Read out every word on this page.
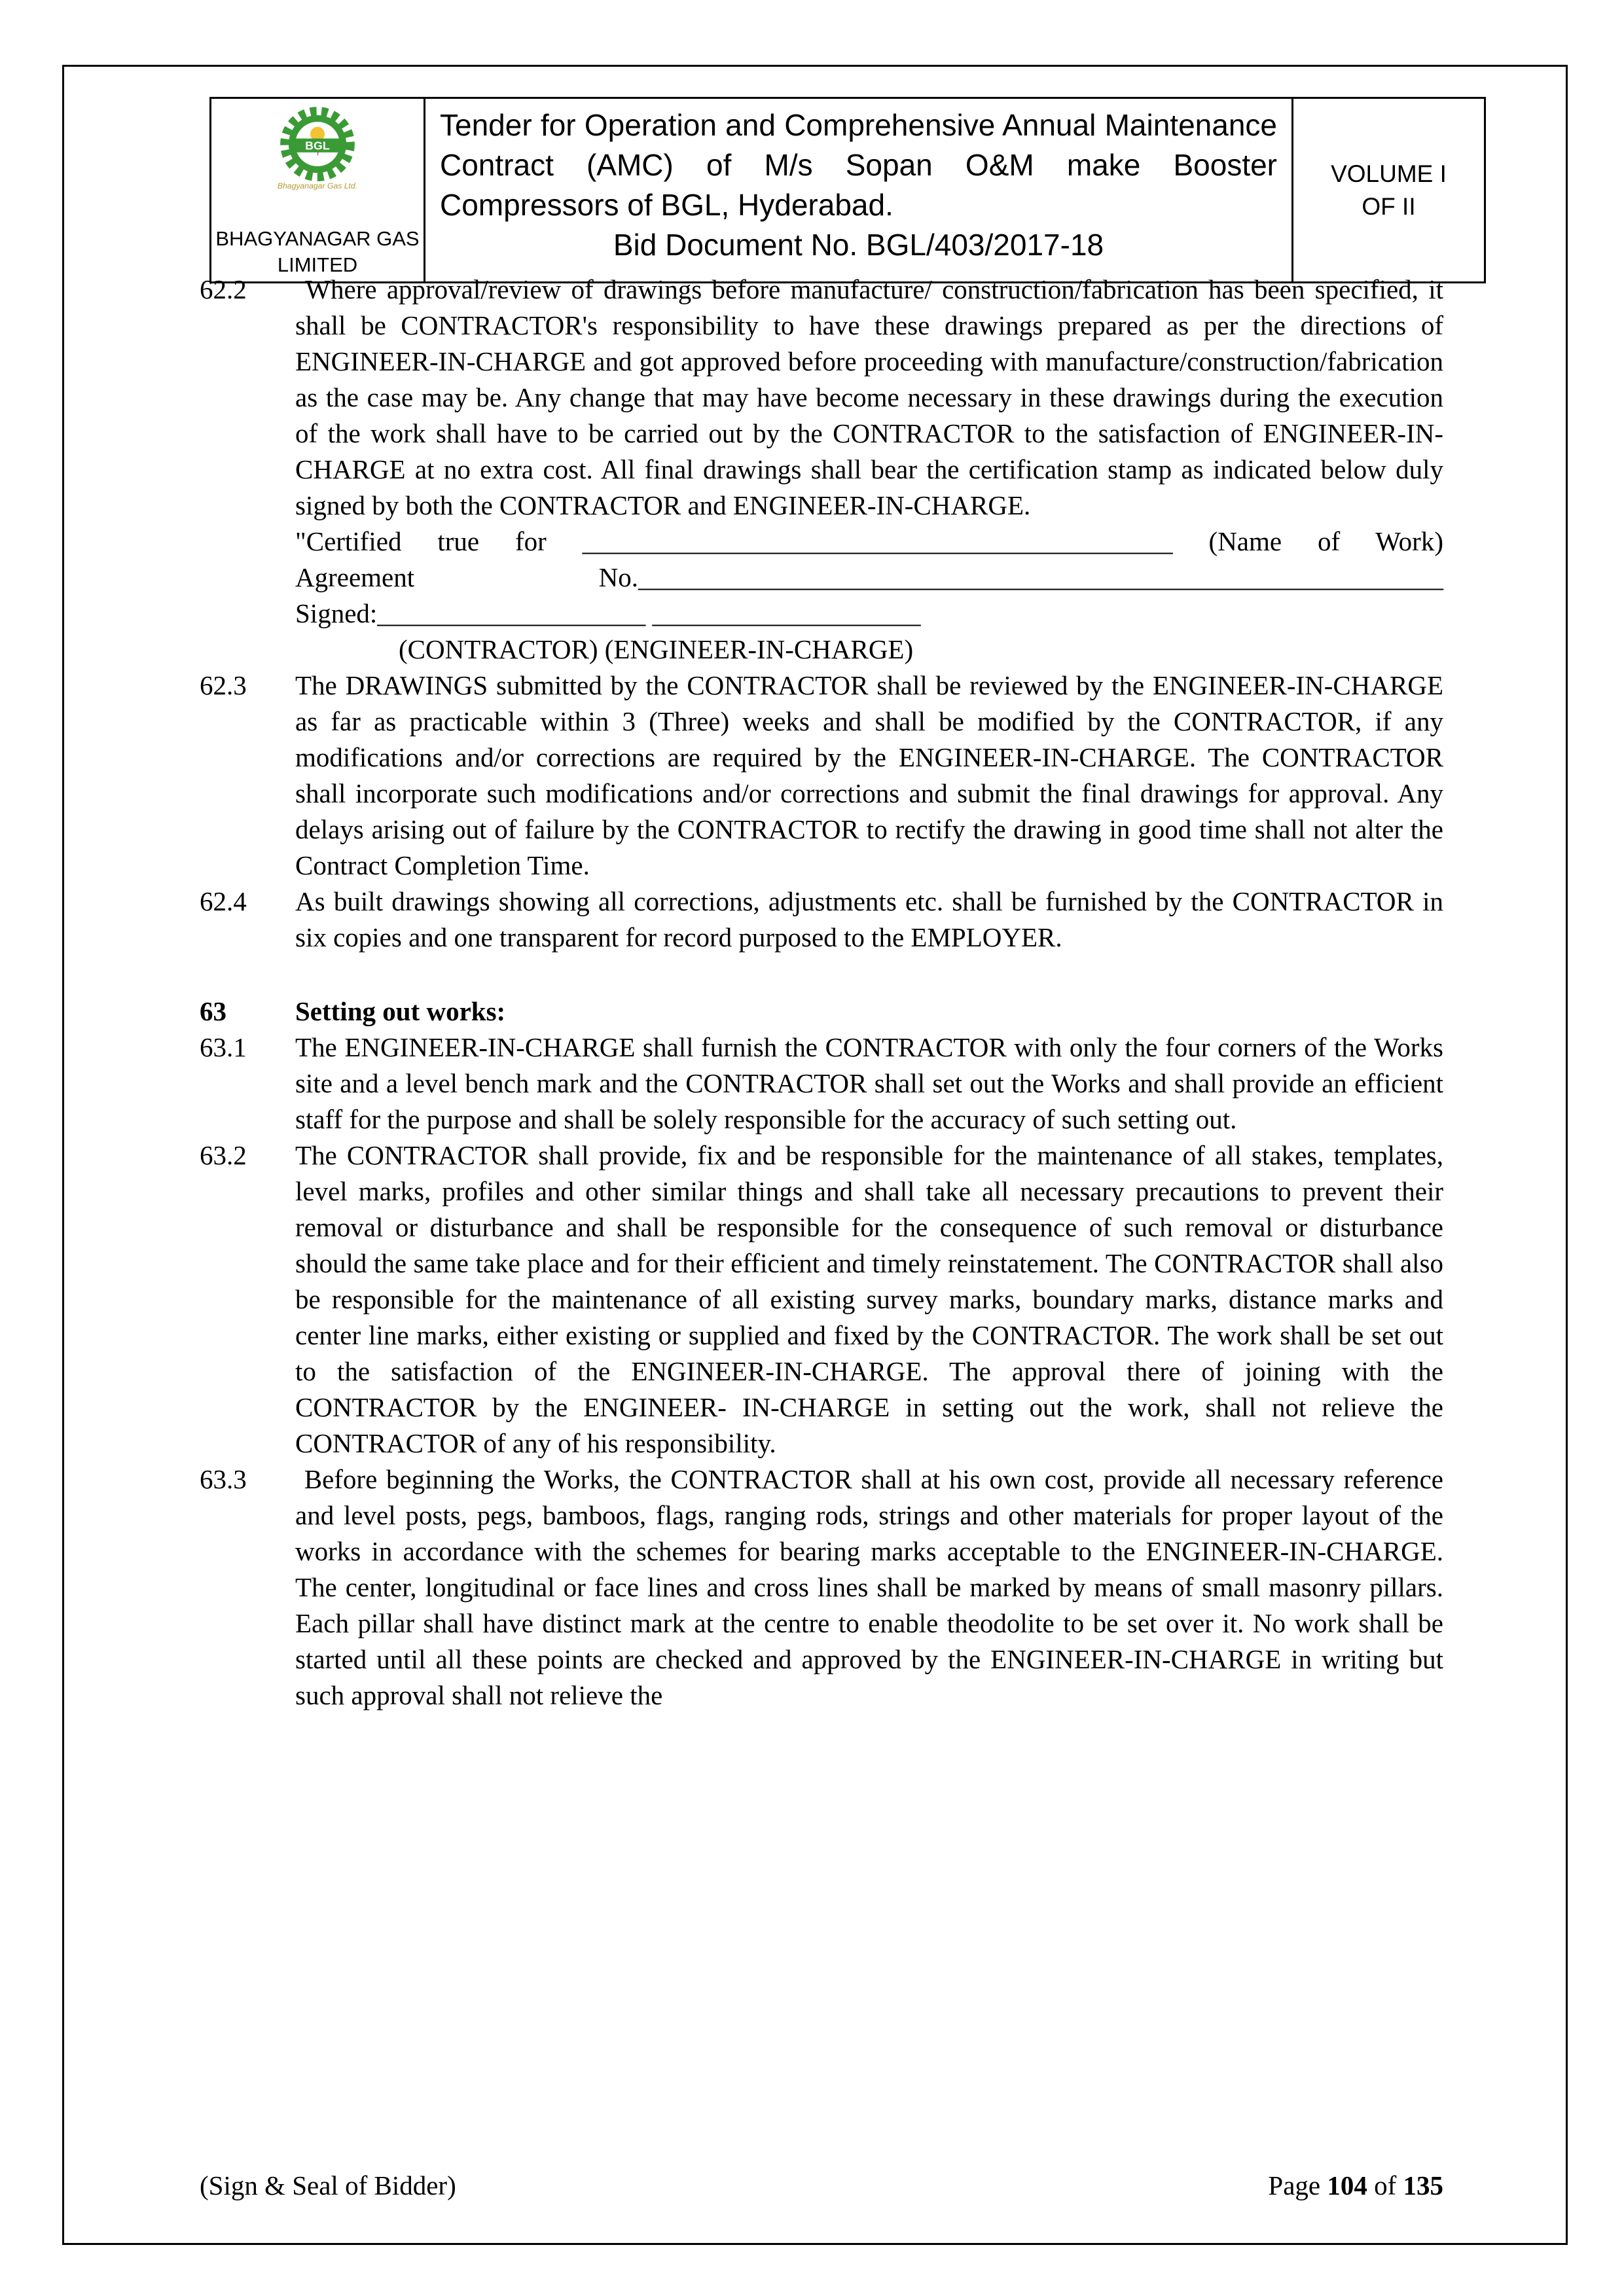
BGL
Bhagyanagar Gas Ltd.
BHAGYANAGAR GAS
LIMITED
Tender for Operation and Comprehensive Annual Maintenance Contract (AMC) of M/s Sopan O&M make Booster Compressors of BGL, Hyderabad.
Bid Document No. BGL/403/2017-18
VOLUME I
OF II
62.2	Where approval/review of drawings before manufacture/ construction/fabrication has been specified, it shall be CONTRACTOR's responsibility to have these drawings prepared as per the directions of ENGINEER-IN-CHARGE and got approved before proceeding with manufacture/construction/fabrication as the case may be. Any change that may have become necessary in these drawings during the execution of the work shall have to be carried out by the CONTRACTOR to the satisfaction of ENGINEER-IN-CHARGE at no extra cost. All final drawings shall bear the certification stamp as indicated below duly signed by both the CONTRACTOR and ENGINEER-IN-CHARGE.
"Certified true for ____________________________________________ (Name of Work)
Agreement No.____________________________________________________________
Signed:____________________ ____________________
(CONTRACTOR) (ENGINEER-IN-CHARGE)
62.3	The DRAWINGS submitted by the CONTRACTOR shall be reviewed by the ENGINEER-IN-CHARGE as far as practicable within 3 (Three) weeks and shall be modified by the CONTRACTOR, if any modifications and/or corrections are required by the ENGINEER-IN-CHARGE. The CONTRACTOR shall incorporate such modifications and/or corrections and submit the final drawings for approval. Any delays arising out of failure by the CONTRACTOR to rectify the drawing in good time shall not alter the Contract Completion Time.
62.4	As built drawings showing all corrections, adjustments etc. shall be furnished by the CONTRACTOR in six copies and one transparent for record purposed to the EMPLOYER.
63	Setting out works:
63.1	The ENGINEER-IN-CHARGE shall furnish the CONTRACTOR with only the four corners of the Works site and a level bench mark and the CONTRACTOR shall set out the Works and shall provide an efficient staff for the purpose and shall be solely responsible for the accuracy of such setting out.
63.2	The CONTRACTOR shall provide, fix and be responsible for the maintenance of all stakes, templates, level marks, profiles and other similar things and shall take all necessary precautions to prevent their removal or disturbance and shall be responsible for the consequence of such removal or disturbance should the same take place and for their efficient and timely reinstatement. The CONTRACTOR shall also be responsible for the maintenance of all existing survey marks, boundary marks, distance marks and center line marks, either existing or supplied and fixed by the CONTRACTOR. The work shall be set out to the satisfaction of the ENGINEER-IN-CHARGE. The approval there of joining with the CONTRACTOR by the ENGINEER- IN-CHARGE in setting out the work, shall not relieve the CONTRACTOR of any of his responsibility.
63.3	Before beginning the Works, the CONTRACTOR shall at his own cost, provide all necessary reference and level posts, pegs, bamboos, flags, ranging rods, strings and other materials for proper layout of the works in accordance with the schemes for bearing marks acceptable to the ENGINEER-IN-CHARGE. The center, longitudinal or face lines and cross lines shall be marked by means of small masonry pillars. Each pillar shall have distinct mark at the centre to enable theodolite to be set over it. No work shall be started until all these points are checked and approved by the ENGINEER-IN-CHARGE in writing but such approval shall not relieve the
(Sign & Seal of Bidder)	Page 104 of 135
